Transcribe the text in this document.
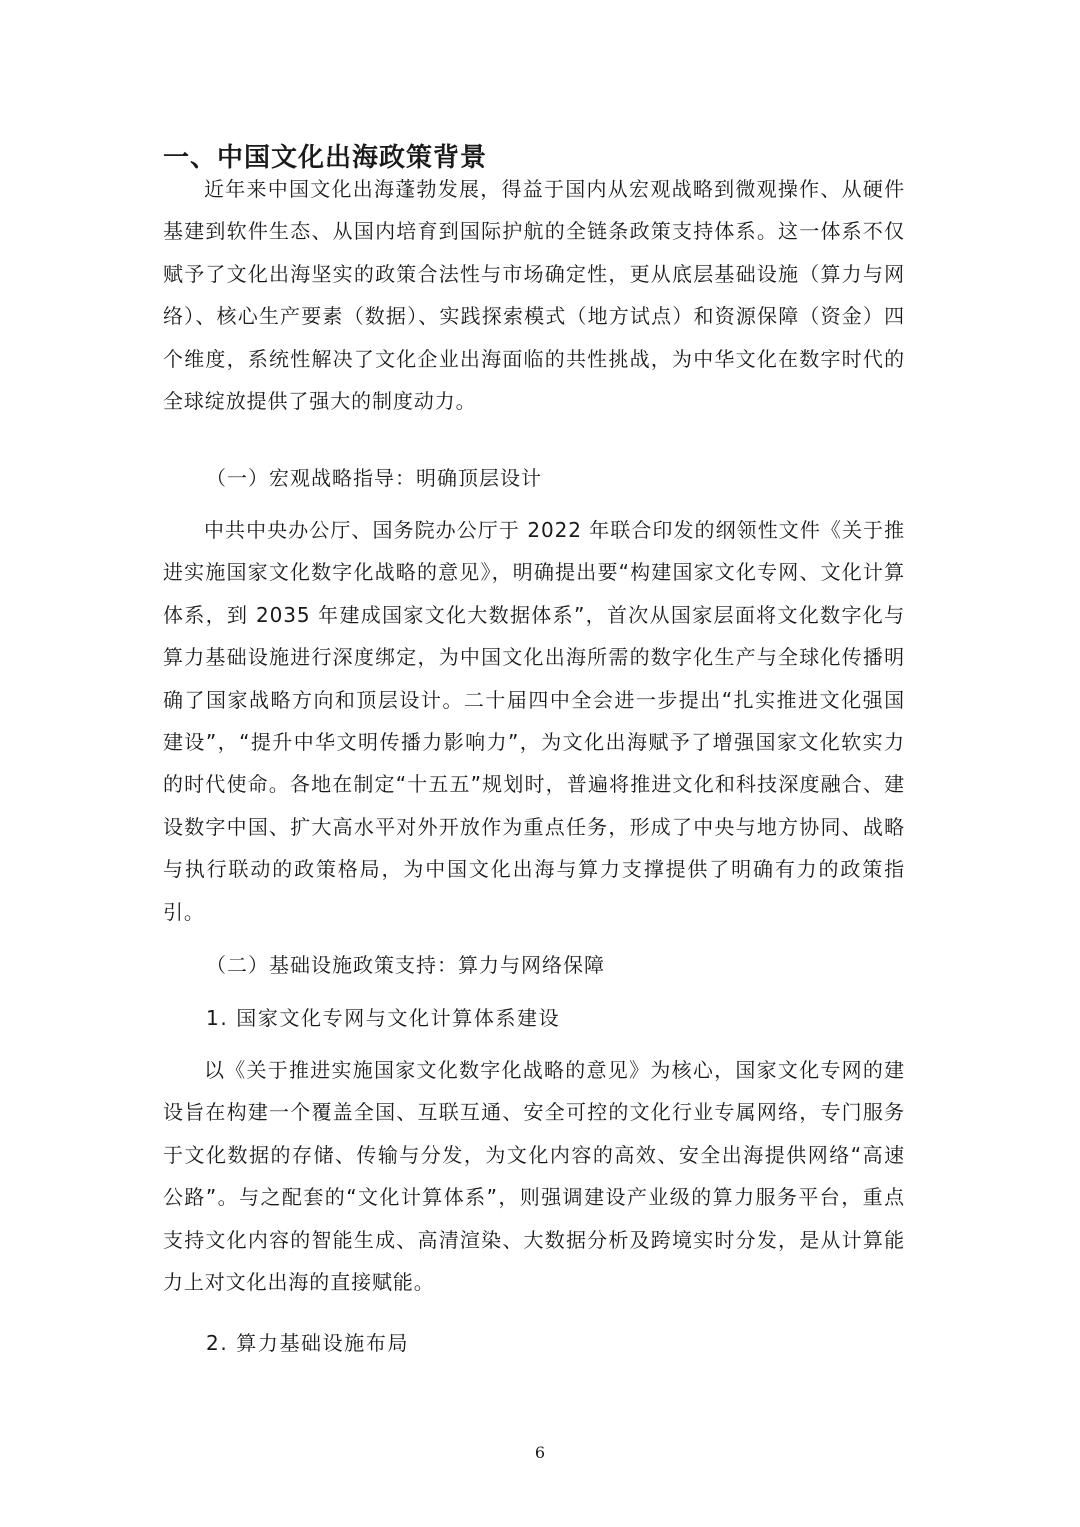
一、中国文化出海政策背景

近年来中国文化出海蓬勃发展，得益于国内从宏观战略到微观操作、从硬件基建到软件生态、从国内培育到国际护航的全链条政策支持体系。这一体系不仅赋予了文化出海坚实的政策合法性与市场确定性，更从底层基础设施（算力与网络）、核心生产要素（数据）、实践探索模式（地方试点）和资源保障（资金）四个维度，系统性解决了文化企业出海面临的共性挑战，为中华文化在数字时代的全球绽放提供了强大的制度动力。

（一）宏观战略指导：明确顶层设计

中共中央办公厅、国务院办公厅于 2022 年联合印发的纲领性文件《关于推进实施国家文化数字化战略的意见》，明确提出要“构建国家文化专网、文化计算体系，到 2035 年建成国家文化大数据体系”，首次从国家层面将文化数字化与算力基础设施进行深度绑定，为中国文化出海所需的数字化生产与全球化传播明确了国家战略方向和顶层设计。二十届四中全会进一步提出“扎实推进文化强国建设”，“提升中华文明传播力影响力”，为文化出海赋予了增强国家文化软实力的时代使命。各地在制定“十五五”规划时，普遍将推进文化和科技深度融合、建设数字中国、扩大高水平对外开放作为重点任务，形成了中央与地方协同、战略与执行联动的政策格局，为中国文化出海与算力支撑提供了明确有力的政策指引。

（二）基础设施政策支持：算力与网络保障
1. 国家文化专网与文化计算体系建设

以《关于推进实施国家文化数字化战略的意见》为核心，国家文化专网的建设旨在构建一个覆盖全国、互联互通、安全可控的文化行业专属网络，专门服务于文化数据的存储、传输与分发，为文化内容的高效、安全出海提供网络“高速公路”。与之配套的“文化计算体系”，则强调建设产业级的算力服务平台，重点支持文化内容的智能生成、高清渲染、大数据分析及跨境实时分发，是从计算能力上对文化出海的直接赋能。

2. 算力基础设施布局
6
